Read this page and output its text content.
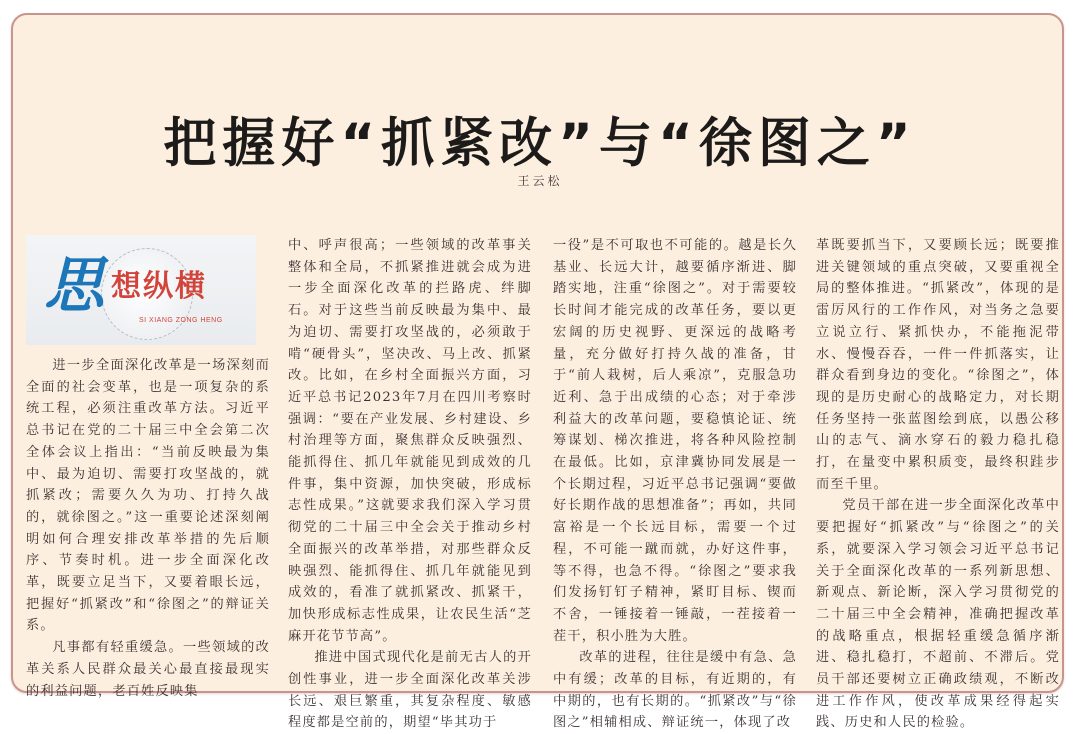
把握好“抓紧改”与“徐图之”
王云松
思 想纵横
SI XIANG ZONG HENG

进一步全面深化改革是一场深刻而全面的社会变革，也是一项复杂的系统工程，必须注重改革方法。习近平总书记在党的二十届三中全会第二次全体会议上指出：“当前反映最为集中、最为迫切、需要打攻坚战的，就抓紧改；需要久久为功、打持久战的，就徐图之。”这一重要论述深刻阐明如何合理安排改革举措的先后顺序、节奏时机。进一步全面深化改革，既要立足当下，又要着眼长远，把握好“抓紧改”和“徐图之”的辩证关系。

凡事都有轻重缓急。一些领域的改革关系人民群众最关心最直接最现实的利益问题，老百姓反映集

中、呼声很高；一些领域的改革事关整体和全局，不抓紧推进就会成为进一步全面深化改革的拦路虎、绊脚石。对于这些当前反映最为集中、最为迫切、需要打攻坚战的，必须敢于啃“硬骨头”，坚决改、马上改、抓紧改。比如，在乡村全面振兴方面，习近平总书记2023年7月在四川考察时强调：“要在产业发展、乡村建设、乡村治理等方面，聚焦群众反映强烈、能抓得住、抓几年就能见到成效的几件事，集中资源，加快突破，形成标志性成果。”这就要求我们深入学习贯彻党的二十届三中全会关于推动乡村全面振兴的改革举措，对那些群众反映强烈、能抓得住、抓几年就能见到成效的，看准了就抓紧改、抓紧干，加快形成标志性成果，让农民生活“芝麻开花节节高”。

推进中国式现代化是前无古人的开创性事业，进一步全面深化改革关涉长远、艰巨繁重，其复杂程度、敏感程度都是空前的，期望“毕其功于

一役”是不可取也不可能的。越是长久基业、长远大计，越要循序渐进、脚踏实地，注重“徐图之”。对于需要较长时间才能完成的改革任务，要以更宏阔的历史视野、更深远的战略考量，充分做好打持久战的准备，甘于“前人栽树，后人乘凉”，克服急功近利、急于出成绩的心态；对于牵涉利益大的改革问题，要稳慎论证、统筹谋划、梯次推进，将各种风险控制在最低。比如，京津冀协同发展是一个长期过程，习近平总书记强调“要做好长期作战的思想准备”；再如，共同富裕是一个长远目标，需要一个过程，不可能一蹴而就，办好这件事，等不得，也急不得。“徐图之”要求我们发扬钉钉子精神，紧盯目标、锲而不舍，一锤接着一锤敲，一茬接着一茬干，积小胜为大胜。

改革的进程，往往是缓中有急、急中有缓；改革的目标，有近期的，有中期的，也有长期的。“抓紧改”与“徐图之”相辅相成、辩证统一，体现了改

革既要抓当下，又要顾长远；既要推进关键领域的重点突破，又要重视全局的整体推进。“抓紧改”，体现的是雷厉风行的工作作风，对当务之急要立说立行、紧抓快办，不能拖泥带水、慢慢吞吞，一件一件抓落实，让群众看到身边的变化。“徐图之”，体现的是历史耐心的战略定力，对长期任务坚持一张蓝图绘到底，以愚公移山的志气、滴水穿石的毅力稳扎稳打，在量变中累积质变，最终积跬步而至千里。

党员干部在进一步全面深化改革中要把握好“抓紧改”与“徐图之”的关系，就要深入学习领会习近平总书记关于全面深化改革的一系列新思想、新观点、新论断，深入学习贯彻党的二十届三中全会精神，准确把握改革的战略重点，根据轻重缓急循序渐进、稳扎稳打，不超前、不滞后。党员干部还要树立正确政绩观，不断改进工作作风，使改革成果经得起实践、历史和人民的检验。
